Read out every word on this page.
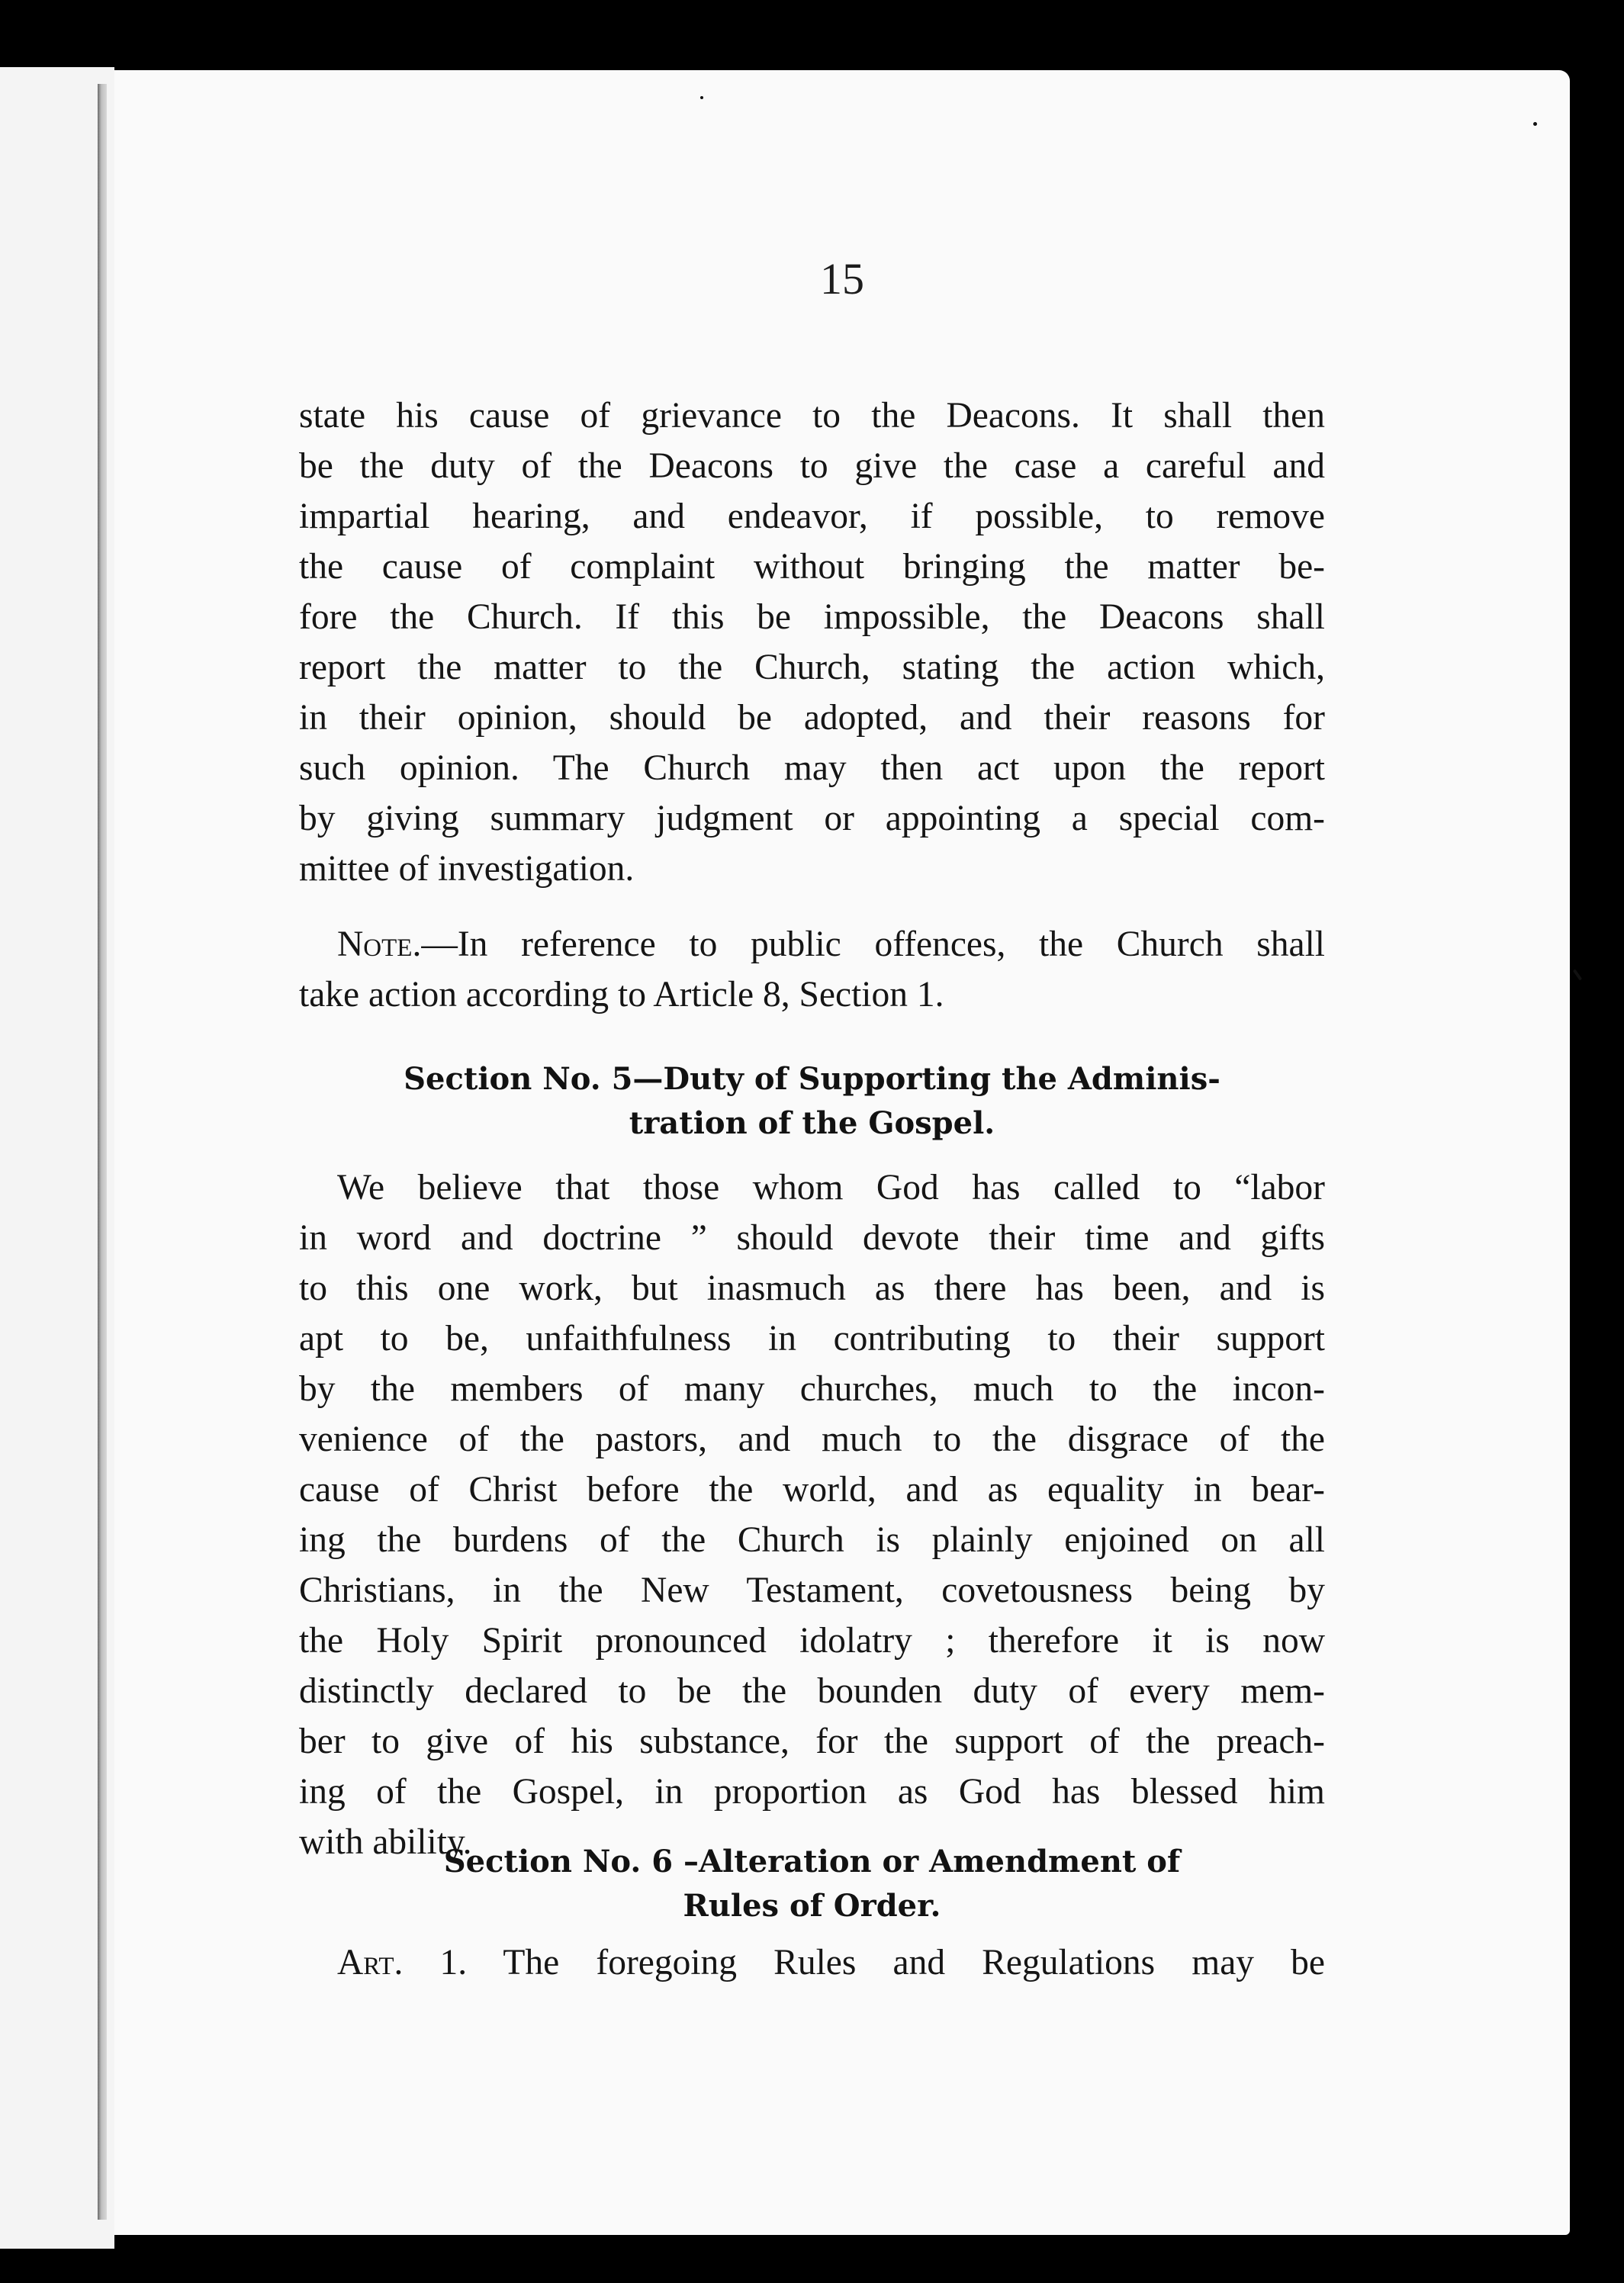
15

state his cause of grievance to the Deacons. It shall then
be the duty of the Deacons to give the case a careful and
impartial hearing, and endeavor, if possible, to remove
the cause of complaint without bringing the matter be-
fore the Church. If this be impossible, the Deacons shall
report the matter to the Church, stating the action which,
in their opinion, should be adopted, and their reasons for
such opinion. The Church may then act upon the report
by giving summary judgment or appointing a special com-
mittee of investigation.
Note.—In reference to public offences, the Church shall
take action according to Article 8, Section 1.
Section No. 5—Duty of Supporting the Adminis-
tration of the Gospel.
We believe that those whom God has called to “labor
in word and doctrine ” should devote their time and gifts
to this one work, but inasmuch as there has been, and is
apt to be, unfaithfulness in contributing to their support
by the members of many churches, much to the incon-
venience of the pastors, and much to the disgrace of the
cause of Christ before the world, and as equality in bear-
ing the burdens of the Church is plainly enjoined on all
Christians, in the New Testament, covetousness being by
the Holy Spirit pronounced idolatry ; therefore it is now
distinctly declared to be the bounden duty of every mem-
ber to give of his substance, for the support of the preach-
ing of the Gospel, in proportion as God has blessed him
with ability.
Section No. 6 –Alteration or Amendment of
Rules of Order.
Art. 1. The foregoing Rules and Regulations may be
